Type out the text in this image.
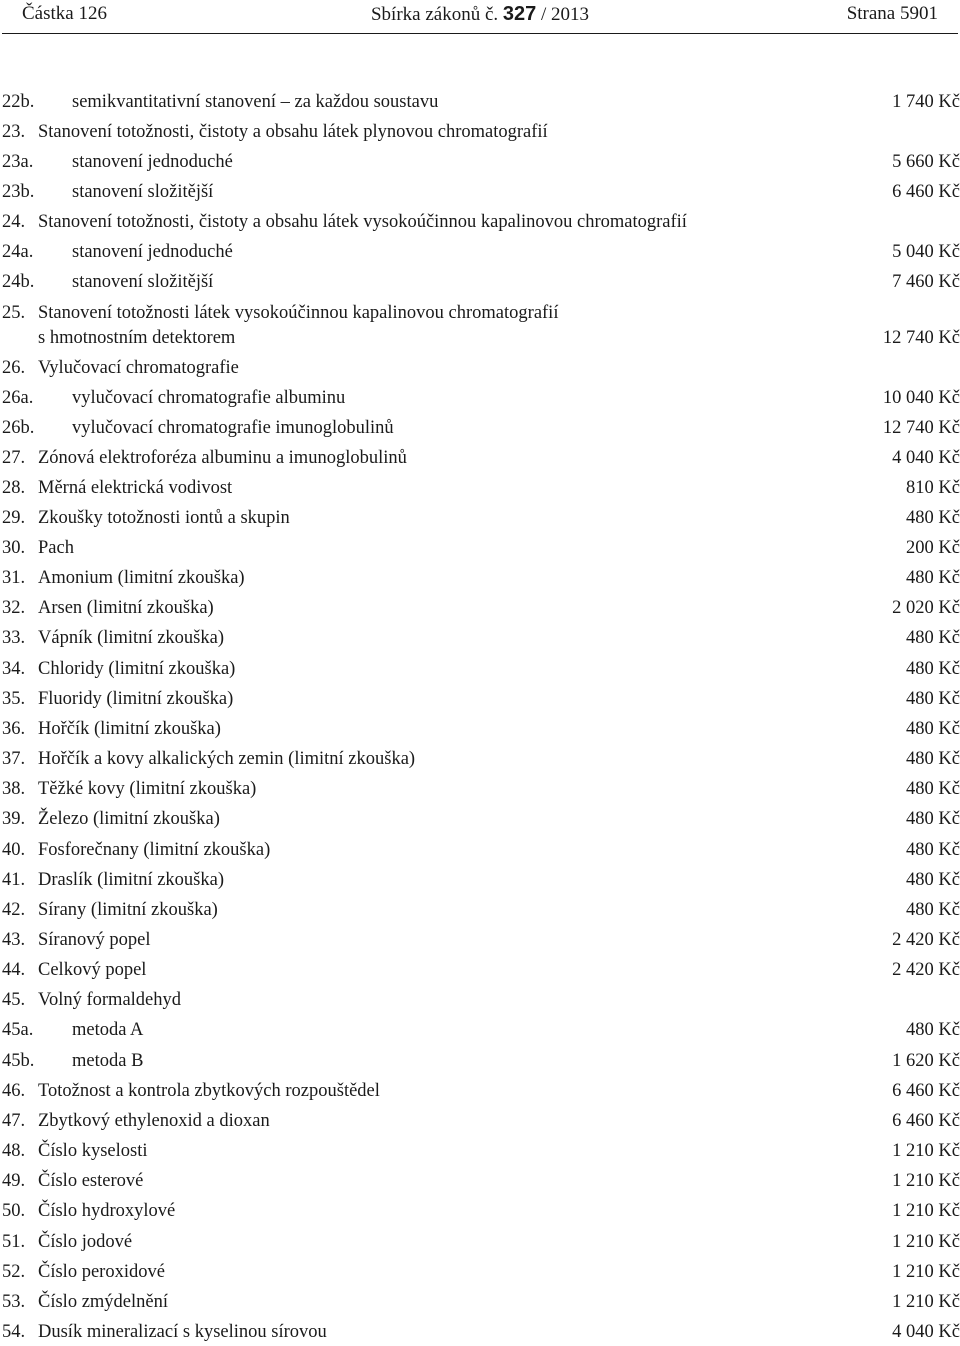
Částka 126	Sbírka zákonů č. 327 / 2013	Strana 5901
22b. semikvantitativní stanovení – za každou soustavu	1 740 Kč
23. Stanovení totožnosti, čistoty a obsahu látek plynovou chromatografií
23a. stanovení jednoduché	5 660 Kč
23b. stanovení složitější	6 460 Kč
24. Stanovení totožnosti, čistoty a obsahu látek vysokoúčinnou kapalinovou chromatografií
24a. stanovení jednoduché	5 040 Kč
24b. stanovení složitější	7 460 Kč
25. Stanovení totožnosti látek vysokoúčinnou kapalinovou chromatografií
s hmotnostním detektorem	12 740 Kč
26. Vylučovací chromatografie
26a. vylučovací chromatografie albuminu	10 040 Kč
26b. vylučovací chromatografie imunoglobulinů	12 740 Kč
27. Zónová elektroforéza albuminu a imunoglobulinů	4 040 Kč
28. Měrná elektrická vodivost	810 Kč
29. Zkoušky totožnosti iontů a skupin	480 Kč
30. Pach	200 Kč
31. Amonium (limitní zkouška)	480 Kč
32. Arsen (limitní zkouška)	2 020 Kč
33. Vápník (limitní zkouška)	480 Kč
34. Chloridy (limitní zkouška)	480 Kč
35. Fluoridy (limitní zkouška)	480 Kč
36. Hořčík (limitní zkouška)	480 Kč
37. Hořčík a kovy alkalických zemin (limitní zkouška)	480 Kč
38. Těžké kovy (limitní zkouška)	480 Kč
39. Železo (limitní zkouška)	480 Kč
40. Fosforečnany (limitní zkouška)	480 Kč
41. Draslík (limitní zkouška)	480 Kč
42. Sírany (limitní zkouška)	480 Kč
43. Síranový popel	2 420 Kč
44. Celkový popel	2 420 Kč
45. Volný formaldehyd
45a. metoda A	480 Kč
45b. metoda B	1 620 Kč
46. Totožnost a kontrola zbytkových rozpouštědel	6 460 Kč
47. Zbytkový ethylenoxid a dioxan	6 460 Kč
48. Číslo kyselosti	1 210 Kč
49. Číslo esterové	1 210 Kč
50. Číslo hydroxylové	1 210 Kč
51. Číslo jodové	1 210 Kč
52. Číslo peroxidové	1 210 Kč
53. Číslo zmýdelnění	1 210 Kč
54. Dusík mineralizací s kyselinou sírovou	4 040 Kč
